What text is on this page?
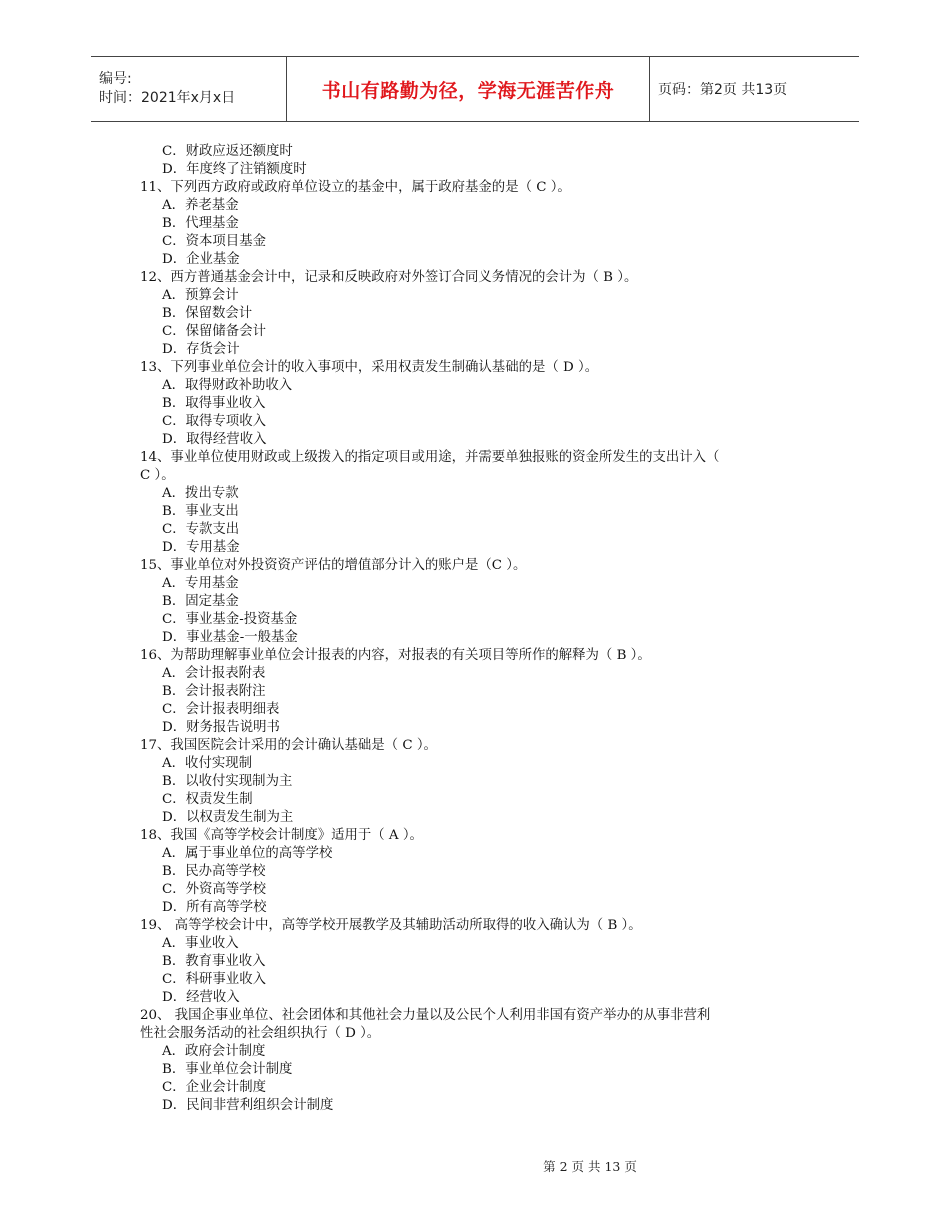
编号:
时间：2021年x月x日	书山有路勤为径，学海无涯苦作舟	页码：第2页 共13页
C．财政应返还额度时
D．年度终了注销额度时
11、下列西方政府或政府单位设立的基金中，属于政府基金的是（ C ）。
A．养老基金
B．代理基金
C．资本项目基金
D．企业基金
12、西方普通基金会计中，记录和反映政府对外签订合同义务情况的会计为（ B ）。
A．预算会计
B．保留数会计
C．保留储备会计
D．存货会计
13、下列事业单位会计的收入事项中，采用权责发生制确认基础的是（ D ）。
A．取得财政补助收入
B．取得事业收入
C．取得专项收入
D．取得经营收入
14、事业单位使用财政或上级拨入的指定项目或用途，并需要单独报账的资金所发生的支出计入（
C ）。
A．拨出专款
B．事业支出
C．专款支出
D．专用基金
15、事业单位对外投资资产评估的增值部分计入的账户是（C ）。
A．专用基金
B．固定基金
C．事业基金-投资基金
D．事业基金-一般基金
16、为帮助理解事业单位会计报表的内容，对报表的有关项目等所作的解释为（ B ）。
A．会计报表附表
B．会计报表附注
C．会计报表明细表
D．财务报告说明书
17、我国医院会计采用的会计确认基础是（ C ）。
A．收付实现制
B．以收付实现制为主
C．权责发生制
D．以权责发生制为主
18、我国《高等学校会计制度》适用于（ A ）。
A．属于事业单位的高等学校
B．民办高等学校
C．外资高等学校
D．所有高等学校
19、 高等学校会计中，高等学校开展教学及其辅助活动所取得的收入确认为（ B ）。
A．事业收入
B．教育事业收入
C．科研事业收入
D．经营收入
20、 我国企事业单位、社会团体和其他社会力量以及公民个人利用非国有资产举办的从事非营利
性社会服务活动的社会组织执行（ D ）。
A．政府会计制度
B．事业单位会计制度
C．企业会计制度
D．民间非营利组织会计制度
第 2 页 共 13 页
